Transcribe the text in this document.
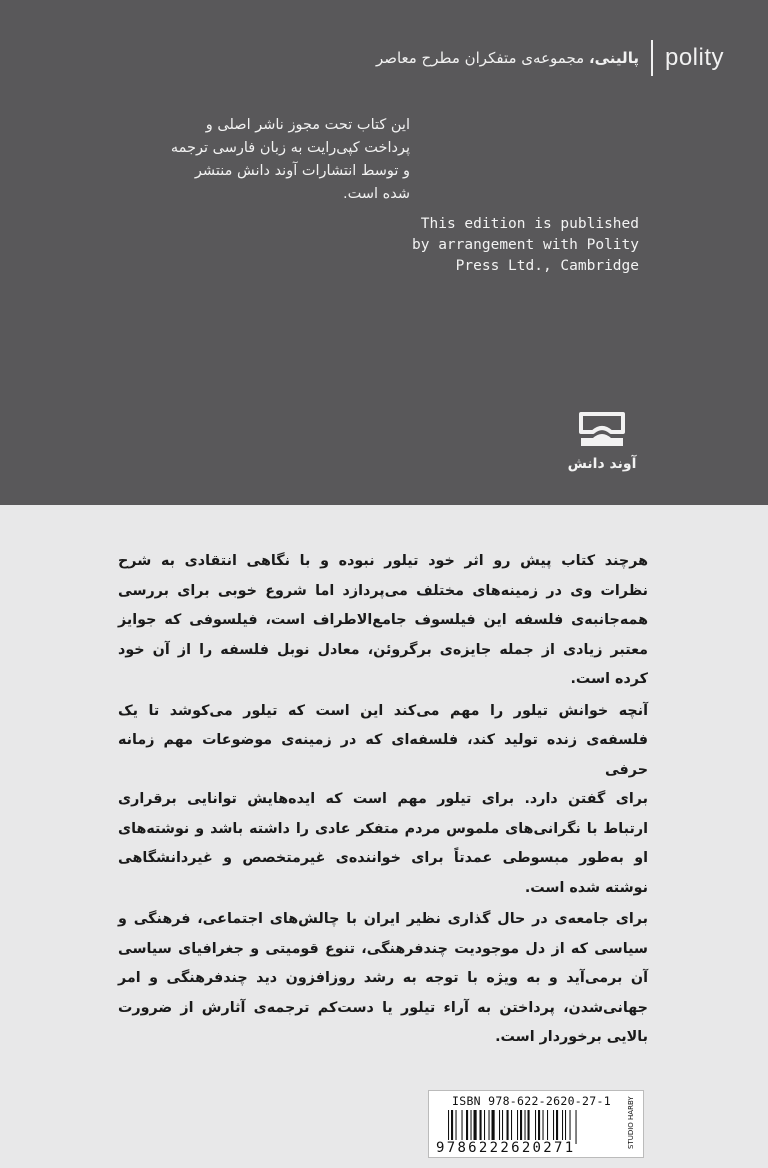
پالینی، مجموعه‌ی متفکران مطرح معاصر	polity
این کتاب تحت مجوز ناشر اصلی و
پرداخت کپی‌رایت به زبان فارسی ترجمه
و توسط انتشارات آوند دانش منتشر
شده است.
This edition is published
by arrangement with Polity
Press Ltd., Cambridge
آوند دانش
هرچند کتاب پیش رو اثر خود تیلور نبوده و با نگاهی انتقادی به شرح
نظرات وی در زمینه‌های مختلف می‌پردازد اما شروع خوبی برای بررسی
همه‌جانبه‌ی فلسفه این فیلسوف جامع‌الاطراف است، فیلسوفی که جوایز
معتبر زیادی از جمله جایزه‌ی برگروئن، معادل نوبل فلسفه را از آن خود
کرده است.
آنچه خوانش تیلور را مهم می‌کند این است که تیلور می‌کوشد تا یک
فلسفه‌ی زنده تولید کند، فلسفه‌ای که در زمینه‌ی موضوعات مهم زمانه حرفی
برای گفتن دارد. برای تیلور مهم است که ایده‌هایش توانایی برقراری
ارتباط با نگرانی‌های ملموس مردم متفکر عادی را داشته باشد و نوشته‌های
او به‌طور مبسوطی عمدتاً برای خواننده‌ی غیرمتخصص و غیردانشگاهی
نوشته شده است.
برای جامعه‌ی در حال گذاری نظیر ایران با چالش‌های اجتماعی، فرهنگی و
سیاسی که از دل موجودیت چندفرهنگی، تنوع قومیتی و جغرافیای سیاسی
آن برمی‌آید و به ویژه با توجه به رشد روزافزون دید چندفرهنگی و امر
جهانی‌شدن، پرداختن به آراء تیلور یا دست‌کم ترجمه‌ی آثارش از ضرورت
بالایی برخوردار است.
ISBN 978-622-2620-27-1
9786222620271	STUDIO HARBY
